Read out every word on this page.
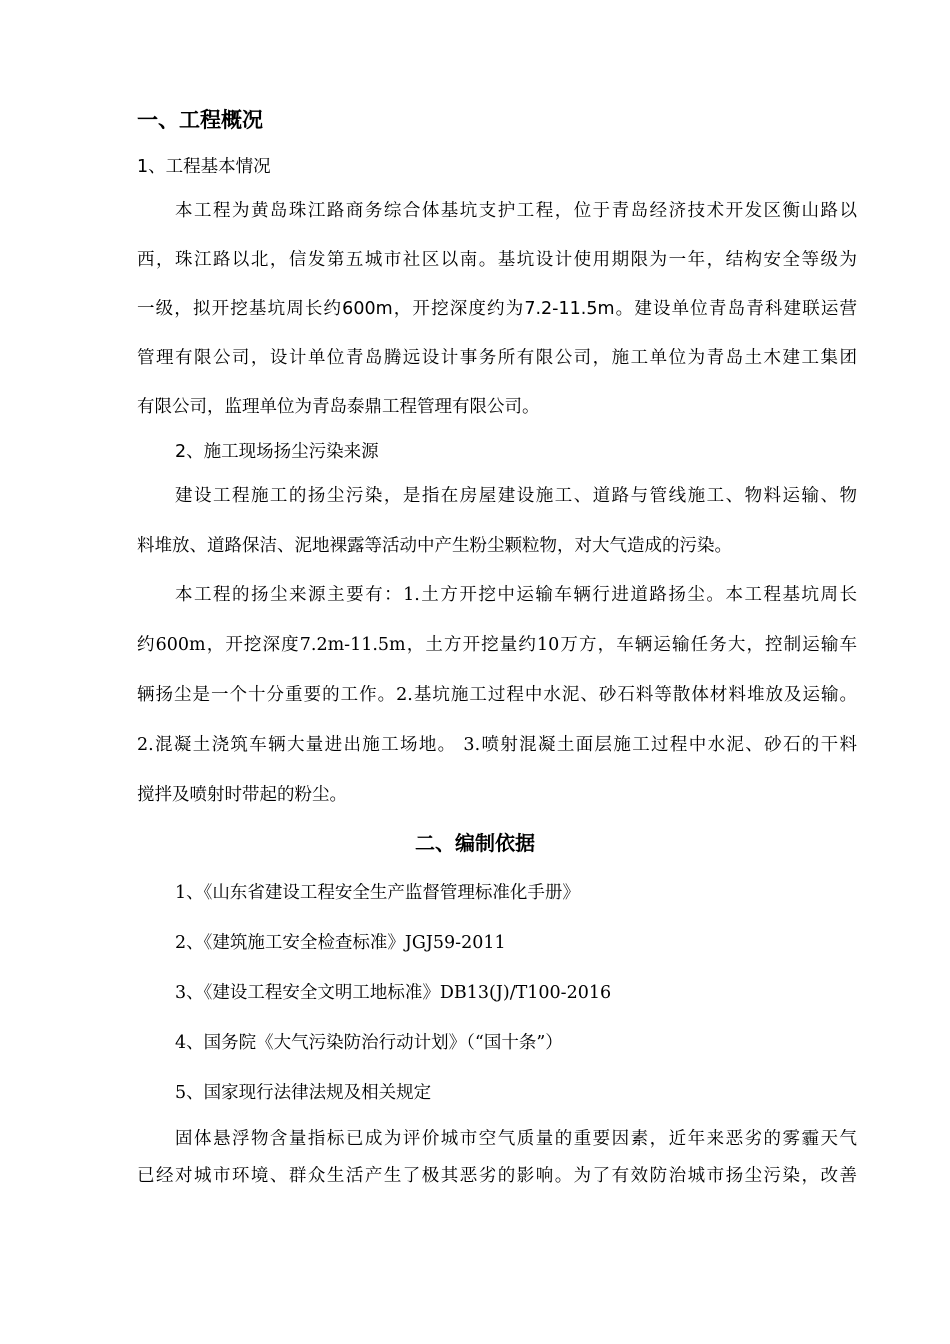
一、工程概况
1、工程基本情况
本工程为黄岛珠江路商务综合体基坑支护工程，位于青岛经济技术开发区衡山路以
西，珠江路以北，信发第五城市社区以南。基坑设计使用期限为一年，结构安全等级为
一级，拟开挖基坑周长约600m，开挖深度约为7.2-11.5m。建设单位青岛青科建联运营
管理有限公司，设计单位青岛腾远设计事务所有限公司，施工单位为青岛土木建工集团
有限公司，监理单位为青岛泰鼎工程管理有限公司。
2、施工现场扬尘污染来源
建设工程施工的扬尘污染，是指在房屋建设施工、道路与管线施工、物料运输、物
料堆放、道路保洁、泥地裸露等活动中产生粉尘颗粒物，对大气造成的污染。
本工程的扬尘来源主要有：1.土方开挖中运输车辆行进道路扬尘。本工程基坑周长
约600m，开挖深度7.2m-11.5m，土方开挖量约10万方，车辆运输任务大，控制运输车
辆扬尘是一个十分重要的工作。2.基坑施工过程中水泥、砂石料等散体材料堆放及运输。
2.混凝土浇筑车辆大量进出施工场地。 3.喷射混凝土面层施工过程中水泥、砂石的干料
搅拌及喷射时带起的粉尘。
二、编制依据
1、《山东省建设工程安全生产监督管理标准化手册》
2、《建筑施工安全检查标准》JGJ59-2011
3、《建设工程安全文明工地标准》DB13(J)/T100-2016
4、国务院《大气污染防治行动计划》（“国十条”）
5、国家现行法律法规及相关规定
固体悬浮物含量指标已成为评价城市空气质量的重要因素，近年来恶劣的雾霾天气
已经对城市环境、群众生活产生了极其恶劣的影响。为了有效防治城市扬尘污染，改善
